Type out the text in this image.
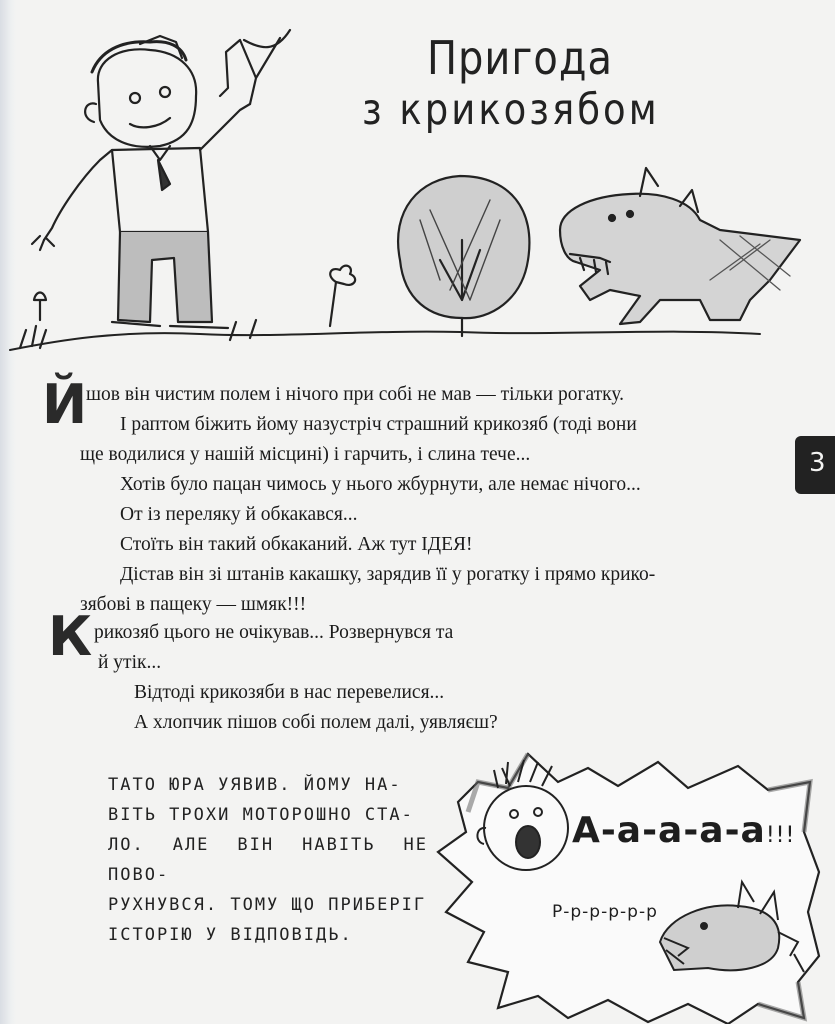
Пригода
з крикозябом
Й
шов він чистим полем і нічого при собі не мав — тільки рогатку.
І раптом біжить йому назустріч страшний крикозяб (тоді вони
ще водилися у нашій місцині) і гарчить, і слина тече...
Хотів було пацан чимось у нього жбурнути, але немає нічого...
От із переляку й обкакався...
Стоїть він такий обкаканий. Аж тут ІДЕЯ!
Дістав він зі штанів какашку, зарядив її у рогатку і прямо крико-
зябові в пащеку — шмяк!!!
К рикозяб цього не очікував... Розвернувся та
й утік...
Відтоді крикозяби в нас перевелися...
А хлопчик пішов собі полем далі, уявляєш?
3
ТАТО ЮРА УЯВИВ. ЙОМУ НА-
ВІТЬ ТРОХИ МОТОРОШНО СТА-
ЛО. АЛЕ ВІН НАВІТЬ НЕ ПОВО-
РУХНУВСЯ. ТОМУ ЩО ПРИБЕРІГ
ІСТОРІЮ У ВІДПОВІДЬ.
А-а-а-а-а!!!
Р-р-р-р-р-р
